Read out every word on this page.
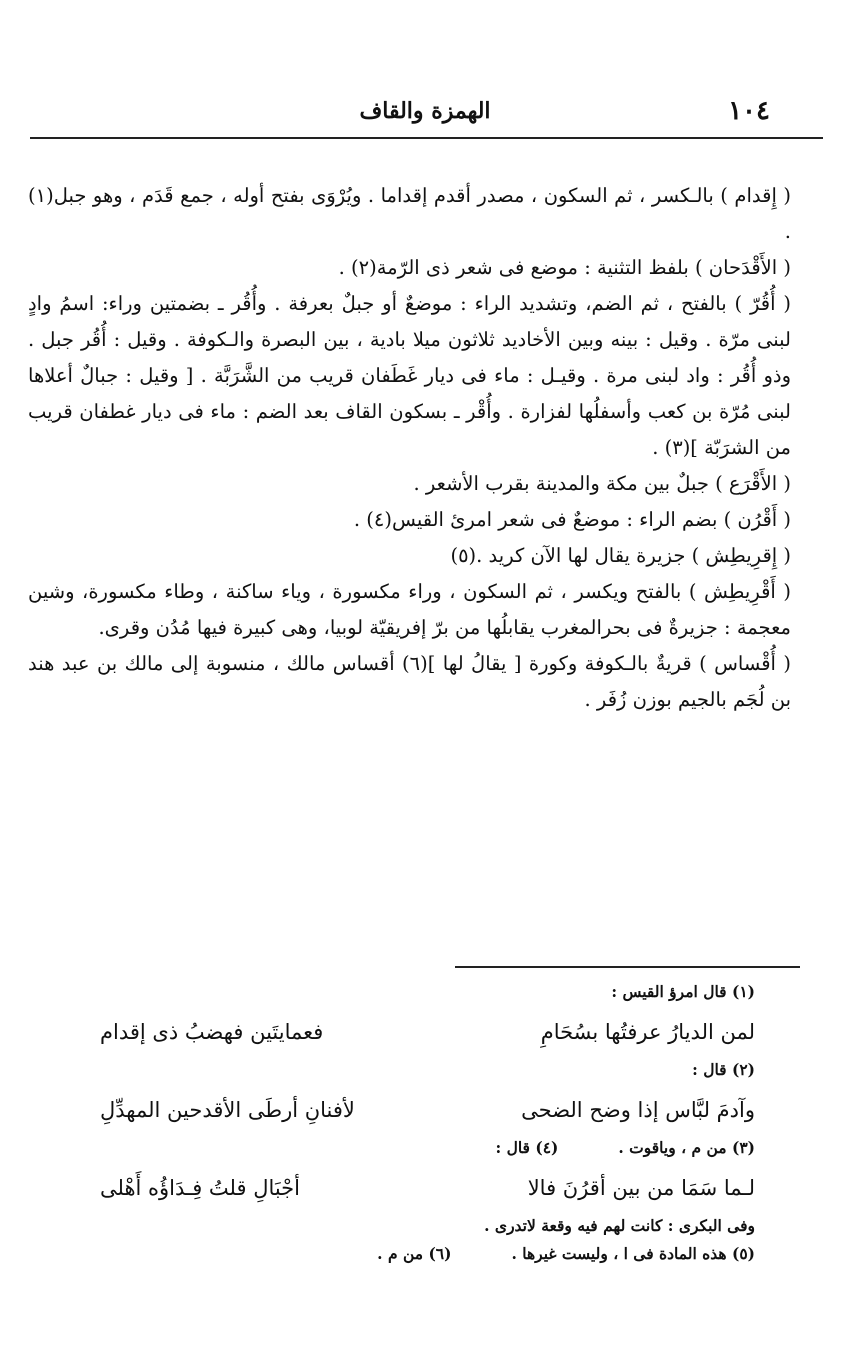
١٠٤
الهمزة والقاف

( إِقدام ) بالـكسر ، ثم السكون ، مصدر أقدم إقداما . ويُرْوَى بفتح أوله ، جمع قَدَم ، وهو جبل(١) .

( الأَقْدَحان ) بلفظ التثنية : موضع فى شعر ذى الرّمة(٢) .

( أُقُرّ ) بالفتح ، ثم الضم، وتشديد الراء : موضعٌ أو جبلٌ بعرفة . وأُقُر ـ بضمتين وراء: اسمُ وادٍ لبنى مرّة . وقيل : بينه وبين الأخاديد ثلاثون ميلا بادية ، بين البصرة والـكوفة . وقيل : أُقُر جبل . وذو أُقُر : واد لبنى مرة . وقيـل : ماء فى ديار غَطَفان قريب من الشَّرَبَّة . [ وقيل : جبالٌ أعلاها لبنى مُرّة بن كعب وأسفلُها لفزارة . وأُقْر ـ بسكون القاف بعد الضم : ماء فى ديار غطفان قريب من الشرَبّة ](٣) .

( الأَقْرَع ) جبلٌ بين مكة والمدينة بقرب الأشعر .

( أَقْرُن ) بضم الراء : موضعٌ فى شعر امرئ القيس(٤) .

( إِقرِيطِش ) جزيرة يقال لها الآن كريد .(٥)

( أَقْرِيطِش ) بالفتح ويكسر ، ثم السكون ، وراء مكسورة ، وياء ساكنة ، وطاء مكسورة، وشين معجمة : جزيرةٌ فى بحرالمغرب يقابلُها من برّ إفريقيّة لوبيا، وهى كبيرة فيها مُدُن وقرى.

( أُقْساس ) قريةٌ بالـكوفة وكورة [ يقالُ لها ](٦) أقساس مالك ، منسوبة إلى مالك بن عبد هند بن لُجَم بالجيم بوزن زُفَر .

(١) قال امرؤ القيس :

لمن الديارُ عرفتُها بسُحَامِ
فعمايتَين فهضبُ ذى إقدام

(٢) قال :

وآدمَ لبَّاس إذا وضح الضحى
لأفنانِ أرطَى الأقدحين المهدِّلِ
(٣) من م ، وياقوت .
(٤) قال :
لـما سَمَا من بين أقرُنَ فالا
أجْبَالِ قلتُ فِـدَاؤُه أَهْلى

وفى البكرى : كانت لهم فيه وقعة لاتدرى .

(٥) هذه المادة فى ا ، وليست غيرها .
(٦) من م .
